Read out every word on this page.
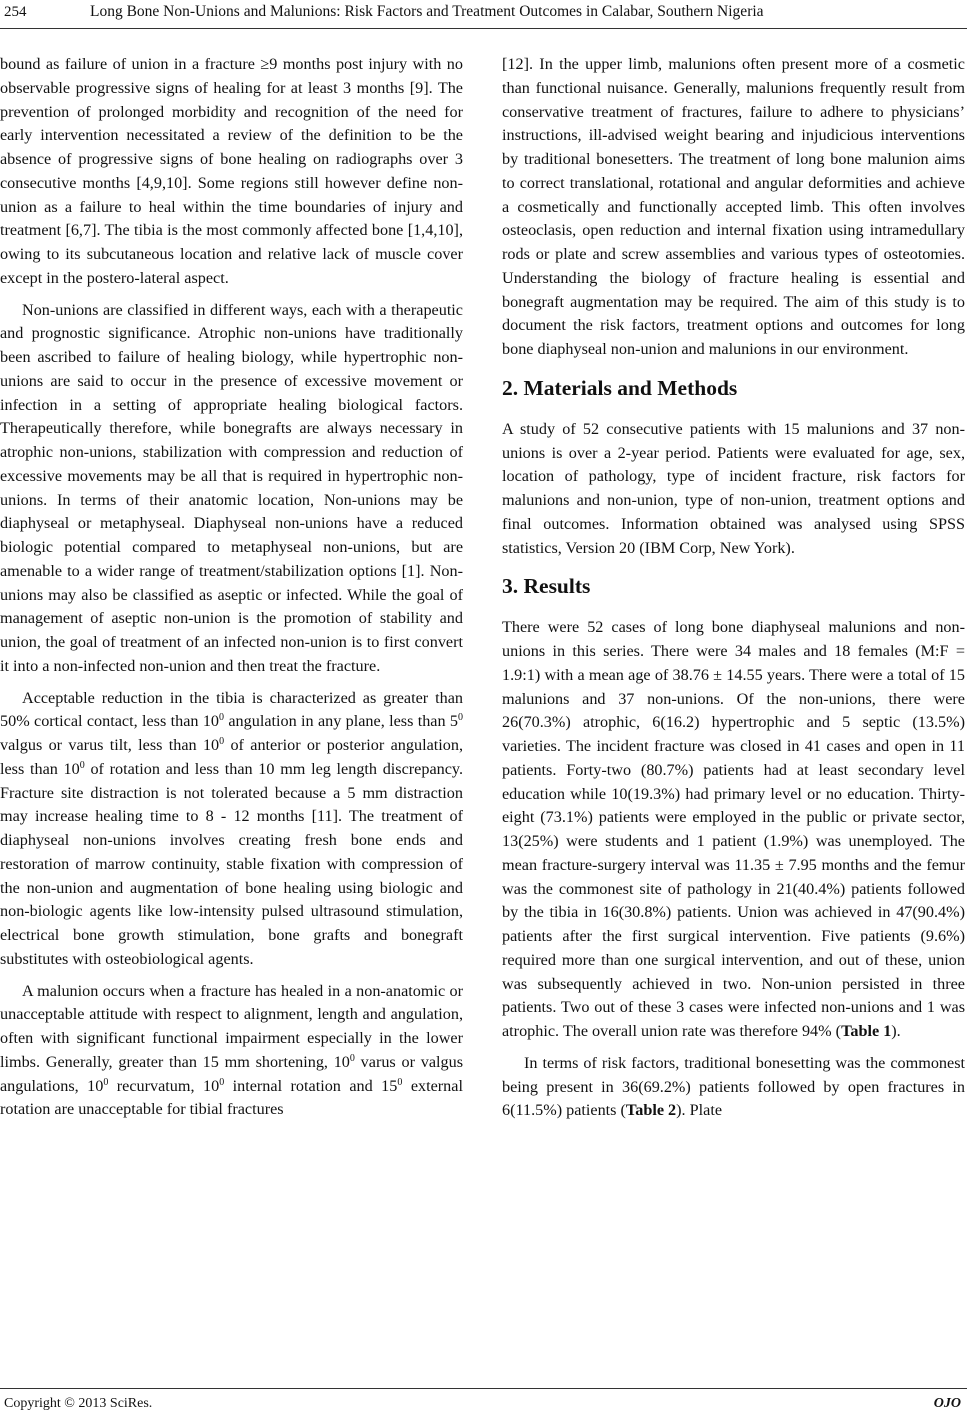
254	Long Bone Non-Unions and Malunions: Risk Factors and Treatment Outcomes in Calabar, Southern Nigeria

bound as failure of union in a fracture ≥9 months post injury with no observable progressive signs of healing for at least 3 months [9]. The prevention of prolonged morbidity and recognition of the need for early intervention necessitated a review of the definition to be the absence of progressive signs of bone healing on radiographs over 3 consecutive months [4,9,10]. Some regions still however define non-union as a failure to heal within the time boundaries of injury and treatment [6,7]. The tibia is the most commonly affected bone [1,4,10], owing to its subcutaneous location and relative lack of muscle cover except in the postero-lateral aspect.

Non-unions are classified in different ways, each with a therapeutic and prognostic significance. Atrophic non-unions have traditionally been ascribed to failure of healing biology, while hypertrophic non-unions are said to occur in the presence of excessive movement or infection in a setting of appropriate healing biological factors. Therapeutically therefore, while bonegrafts are always necessary in atrophic non-unions, stabilization with compression and reduction of excessive movements may be all that is required in hypertrophic non-unions. In terms of their anatomic location, Non-unions may be diaphyseal or metaphyseal. Diaphyseal non-unions have a reduced biologic potential compared to metaphyseal non-unions, but are amenable to a wider range of treatment/stabilization options [1]. Non-unions may also be classified as aseptic or infected. While the goal of management of aseptic non-union is the promotion of stability and union, the goal of treatment of an infected non-union is to first convert it into a non-infected non-union and then treat the fracture.

Acceptable reduction in the tibia is characterized as greater than 50% cortical contact, less than $10^0$ angulation in any plane, less than $5^0$ valgus or varus tilt, less than $10^0$ of anterior or posterior angulation, less than $10^0$ of rotation and less than 10 mm leg length discrepancy. Fracture site distraction is not tolerated because a 5 mm distraction may increase healing time to 8 - 12 months [11]. The treatment of diaphyseal non-unions involves creating fresh bone ends and restoration of marrow continuity, stable fixation with compression of the non-union and augmentation of bone healing using biologic and non-biologic agents like low-intensity pulsed ultrasound stimulation, electrical bone growth stimulation, bone grafts and bonegraft substitutes with osteobiological agents.

A malunion occurs when a fracture has healed in a non-anatomic or unacceptable attitude with respect to alignment, length and angulation, often with significant functional impairment especially in the lower limbs. Generally, greater than 15 mm shortening, $10^0$ varus or valgus angulations, $10^0$ recurvatum, $10^0$ internal rotation and $15^0$ external rotation are unacceptable for tibial fractures

[12]. In the upper limb, malunions often present more of a cosmetic than functional nuisance. Generally, malunions frequently result from conservative treatment of fractures, failure to adhere to physicians’ instructions, ill-advised weight bearing and injudicious interventions by traditional bonesetters. The treatment of long bone malunion aims to correct translational, rotational and angular deformities and achieve a cosmetically and functionally accepted limb. This often involves osteoclasis, open reduction and internal fixation using intramedullary rods or plate and screw assemblies and various types of osteotomies. Understanding the biology of fracture healing is essential and bonegraft augmentation may be required. The aim of this study is to document the risk factors, treatment options and outcomes for long bone diaphyseal non-union and malunions in our environment.

2. Materials and Methods

A study of 52 consecutive patients with 15 malunions and 37 non-unions is over a 2-year period. Patients were evaluated for age, sex, location of pathology, type of incident fracture, risk factors for malunions and non-union, type of non-union, treatment options and final outcomes. Information obtained was analysed using SPSS statistics, Version 20 (IBM Corp, New York).

3. Results

There were 52 cases of long bone diaphyseal malunions and non-unions in this series. There were 34 males and 18 females (M:F = 1.9:1) with a mean age of 38.76 ± 14.55 years. There were a total of 15 malunions and 37 non-unions. Of the non-unions, there were 26(70.3%) atrophic, 6(16.2) hypertrophic and 5 septic (13.5%) varieties. The incident fracture was closed in 41 cases and open in 11 patients. Forty-two (80.7%) patients had at least secondary level education while 10(19.3%) had primary level or no education. Thirty-eight (73.1%) patients were employed in the public or private sector, 13(25%) were students and 1 patient (1.9%) was unemployed. The mean fracture-surgery interval was 11.35 ± 7.95 months and the femur was the commonest site of pathology in 21(40.4%) patients followed by the tibia in 16(30.8%) patients. Union was achieved in 47(90.4%) patients after the first surgical intervention. Five patients (9.6%) required more than one surgical intervention, and out of these, union was subsequently achieved in two. Non-union persisted in three patients. Two out of these 3 cases were infected non-unions and 1 was atrophic. The overall union rate was therefore 94% (Table 1).

In terms of risk factors, traditional bonesetting was the commonest being present in 36(69.2%) patients followed by open fractures in 6(11.5%) patients (Table 2). Plate

Copyright © 2013 SciRes.	OJO
